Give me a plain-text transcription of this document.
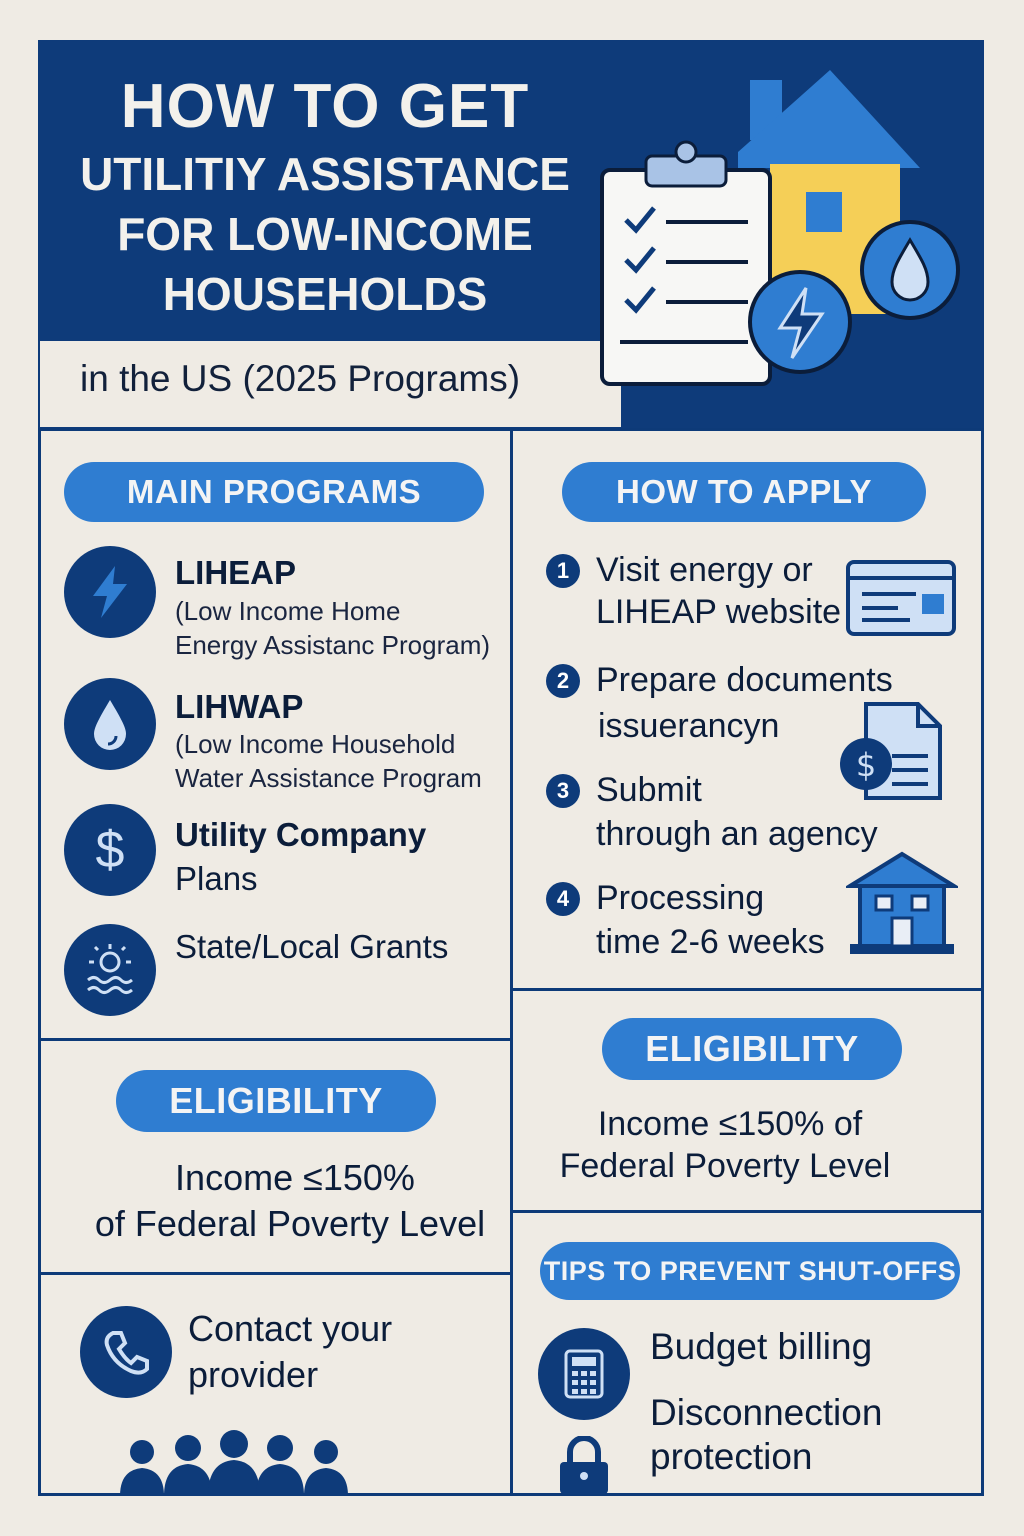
HOW TO GET
UTILITIY ASSISTANCE
FOR LOW-INCOME
HOUSEHOLDS
in the US (2025 Programs)
MAIN PROGRAMS
LIHEAP
(Low Income Home
Energy Assistanc Program)
LIHWAP
(Low Income Household
Water Assistance Program
$ Utility Company
Plans
State/Local Grants
HOW TO APPLY
1 Visit energy or
LIHEAP website
2 Prepare documents
issuerancyn
$
3 Submit
through an agency
4 Processing
time 2-6 weeks
ELIGIBILITY
Income ≤150% of
Federal Poverty Level
ELIGIBILITY
Income ≤150%
of Federal Poverty Level
Contact your
provider
TIPS TO PREVENT SHUT-OFFS
Budget billing
Disconnection
protection
